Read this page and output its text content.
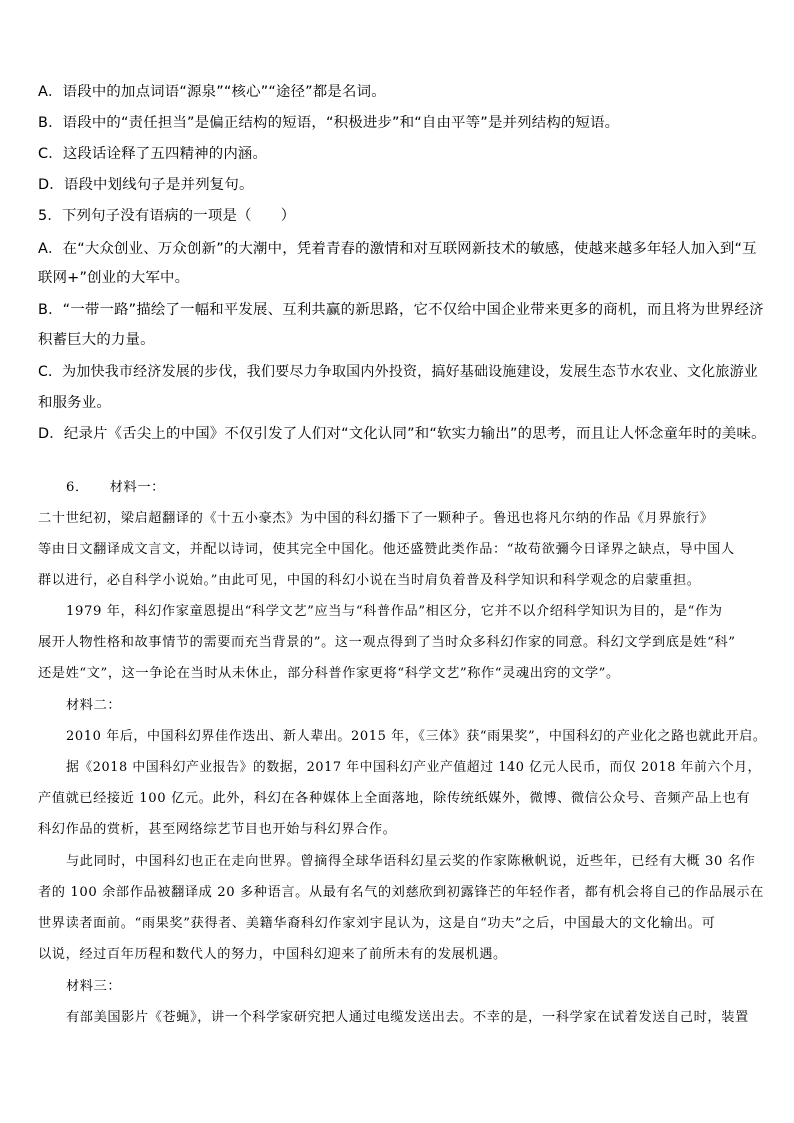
A．语段中的加点词语“源泉”“核心”“途径”都是名词。
B．语段中的“责任担当”是偏正结构的短语，“积极进步”和“自由平等”是并列结构的短语。
C．这段话诠释了五四精神的内涵。
D．语段中划线句子是并列复句。
5．下列句子没有语病的一项是（　　）
A．在“大众创业、万众创新”的大潮中，凭着青春的激情和对互联网新技术的敏感，使越来越多年轻人加入到“互
联网+”创业的大军中。
B．“一带一路”描绘了一幅和平发展、互利共赢的新思路，它不仅给中国企业带来更多的商机，而且将为世界经济
积蓄巨大的力量。
C．为加快我市经济发展的步伐，我们要尽力争取国内外投资，搞好基础设施建设，发展生态节水农业、文化旅游业
和服务业。
D．纪录片《舌尖上的中国》不仅引发了人们对“文化认同”和“软实力输出”的思考，而且让人怀念童年时的美味。
6．　　材料一：
二十世纪初，梁启超翻译的《十五小豪杰》为中国的科幻播下了一颗种子。鲁迅也将凡尔纳的作品《月界旅行》
等由日文翻译成文言文，并配以诗词，使其完全中国化。他还盛赞此类作品：“故苟欲彌今日译界之缺点，导中国人
群以进行，必自科学小说始。”由此可见，中国的科幻小说在当时肩负着普及科学知识和科学观念的启蒙重担。
1979 年，科幻作家童恩提出“科学文艺”应当与“科普作品”相区分，它并不以介绍科学知识为目的，是“作为
展开人物性格和故事情节的需要而充当背景的”。这一观点得到了当时众多科幻作家的同意。科幻文学到底是姓“科”
还是姓“文”，这一争论在当时从未休止，部分科普作家更将“科学文艺”称作“灵魂出窍的文学”。
材料二：
2010 年后，中国科幻界佳作迭出、新人辈出。2015 年，《三体》获“雨果奖”，中国科幻的产业化之路也就此开启。
据《2018 中国科幻产业报告》的数据，2017 年中国科幻产业产值超过 140 亿元人民币，而仅 2018 年前六个月，
产值就已经接近 100 亿元。此外，科幻在各种媒体上全面落地，除传统纸媒外，微博、微信公众号、音频产品上也有
科幻作品的赏析，甚至网络综艺节目也开始与科幻界合作。
与此同时，中国科幻也正在走向世界。曾摘得全球华语科幻星云奖的作家陈楸帆说，近些年，已经有大概 30 名作
者的 100 余部作品被翻译成 20 多种语言。从最有名气的刘慈欣到初露锋芒的年轻作者，都有机会将自己的作品展示在
世界读者面前。“雨果奖”获得者、美籍华裔科幻作家刘宇昆认为，这是自“功夫”之后，中国最大的文化输出。可
以说，经过百年历程和数代人的努力，中国科幻迎来了前所未有的发展机遇。
材料三：
有部美国影片《苍蝇》，讲一个科学家研究把人通过电缆发送出去。不幸的是，一科学家在试着发送自己时，装置
